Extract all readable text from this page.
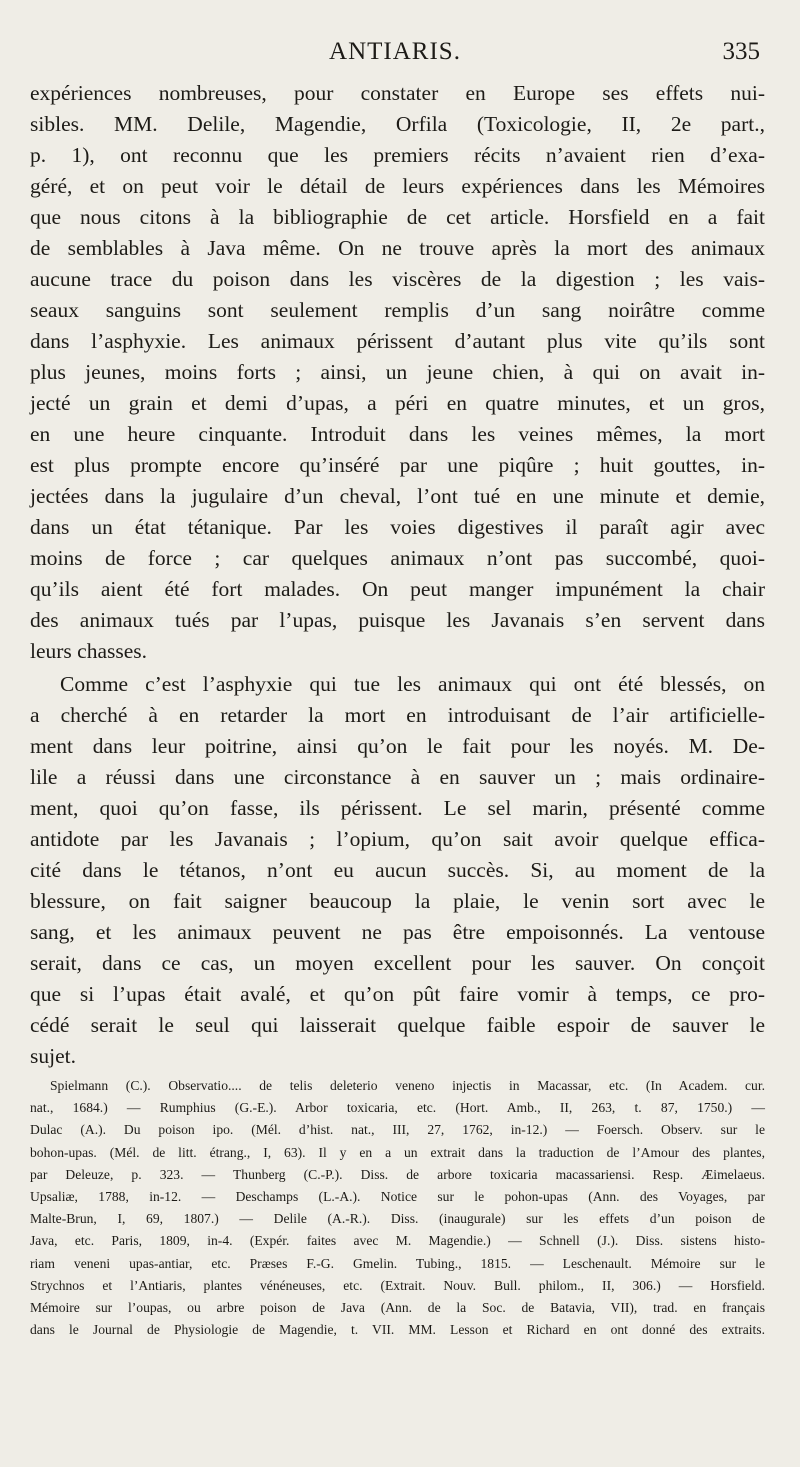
ANTIARIS.	335

expériences nombreuses, pour constater en Europe ses effets nui-
sibles. MM. Delile, Magendie, Orfila (Toxicologie, II, 2e part.,
p. 1), ont reconnu que les premiers récits n’avaient rien d’exa-
géré, et on peut voir le détail de leurs expériences dans les Mémoires
que nous citons à la bibliographie de cet article. Horsfield en a fait
de semblables à Java même. On ne trouve après la mort des animaux
aucune trace du poison dans les viscères de la digestion ; les vais-
seaux sanguins sont seulement remplis d’un sang noirâtre comme
dans l’asphyxie. Les animaux périssent d’autant plus vite qu’ils sont
plus jeunes, moins forts ; ainsi, un jeune chien, à qui on avait in-
jecté un grain et demi d’upas, a péri en quatre minutes, et un gros,
en une heure cinquante. Introduit dans les veines mêmes, la mort
est plus prompte encore qu’inséré par une piqûre ; huit gouttes, in-
jectées dans la jugulaire d’un cheval, l’ont tué en une minute et demie,
dans un état tétanique. Par les voies digestives il paraît agir avec
moins de force ; car quelques animaux n’ont pas succombé, quoi-
qu’ils aient été fort malades. On peut manger impunément la chair
des animaux tués par l’upas, puisque les Javanais s’en servent dans
leurs chasses.

Comme c’est l’asphyxie qui tue les animaux qui ont été blessés, on
a cherché à en retarder la mort en introduisant de l’air artificielle-
ment dans leur poitrine, ainsi qu’on le fait pour les noyés. M. De-
lile a réussi dans une circonstance à en sauver un ; mais ordinaire-
ment, quoi qu’on fasse, ils périssent. Le sel marin, présenté comme
antidote par les Javanais ; l’opium, qu’on sait avoir quelque effica-
cité dans le tétanos, n’ont eu aucun succès. Si, au moment de la
blessure, on fait saigner beaucoup la plaie, le venin sort avec le
sang, et les animaux peuvent ne pas être empoisonnés. La ventouse
serait, dans ce cas, un moyen excellent pour les sauver. On conçoit
que si l’upas était avalé, et qu’on pût faire vomir à temps, ce pro-
cédé serait le seul qui laisserait quelque faible espoir de sauver le
sujet.

Spielmann (C.). Observatio.... de telis deleterio veneno injectis in Macassar, etc. (In Academ. cur.
nat., 1684.) — Rumphius (G.-E.). Arbor toxicaria, etc. (Hort. Amb., II, 263, t. 87, 1750.) —
Dulac (A.). Du poison ipo. (Mél. d’hist. nat., III, 27, 1762, in-12.) — Foersch. Observ. sur le
bohon-upas. (Mél. de litt. étrang., I, 63). Il y en a un extrait dans la traduction de l’Amour des plantes,
par Deleuze, p. 323. — Thunberg (C.-P.). Diss. de arbore toxicaria macassariensi. Resp. Æimelaeus.
Upsaliæ, 1788, in-12. — Deschamps (L.-A.). Notice sur le pohon-upas (Ann. des Voyages, par
Malte-Brun, I, 69, 1807.) — Delile (A.-R.). Diss. (inaugurale) sur les effets d’un poison de
Java, etc. Paris, 1809, in-4. (Expér. faites avec M. Magendie.) — Schnell (J.). Diss. sistens histo-
riam veneni upas-antiar, etc. Præses F.-G. Gmelin. Tubing., 1815. — Leschenault. Mémoire sur le
Strychnos et l’Antiaris, plantes vénéneuses, etc. (Extrait. Nouv. Bull. philom., II, 306.) — Horsfield.
Mémoire sur l’oupas, ou arbre poison de Java (Ann. de la Soc. de Batavia, VII), trad. en français
dans le Journal de Physiologie de Magendie, t. VII. MM. Lesson et Richard en ont donné des extraits.
